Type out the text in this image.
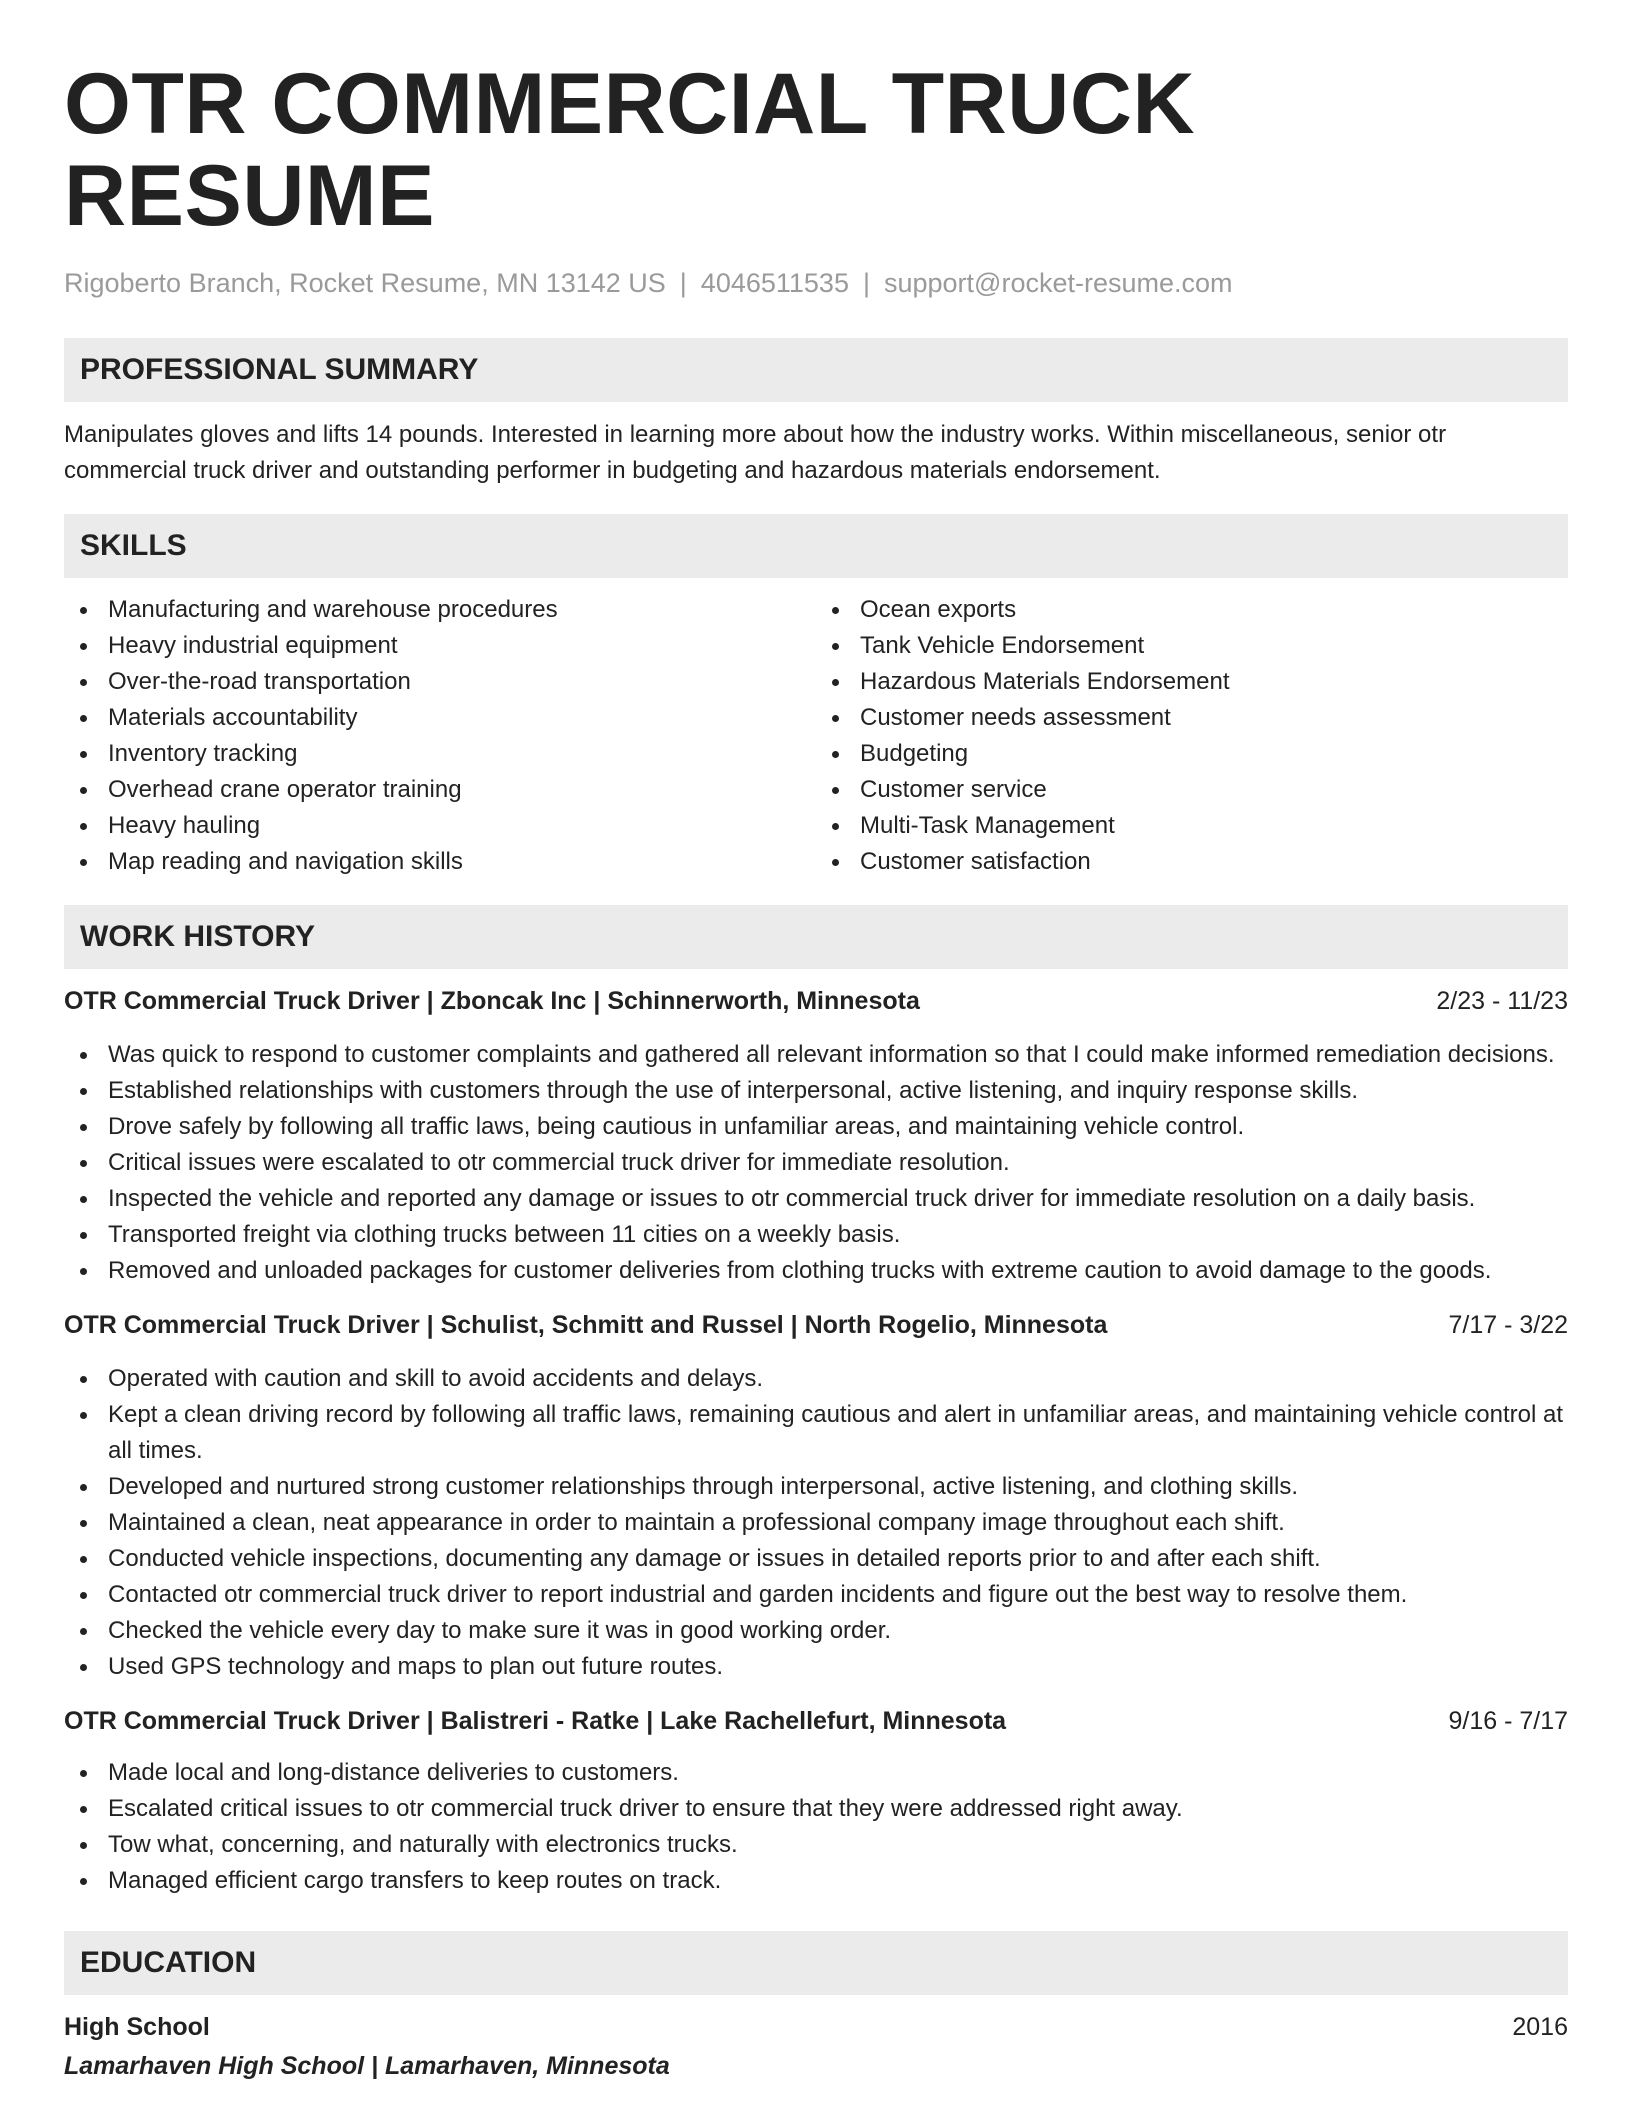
OTR COMMERCIAL TRUCK RESUME
Rigoberto Branch, Rocket Resume, MN 13142 US | 4046511535 | support@rocket-resume.com
PROFESSIONAL SUMMARY

Manipulates gloves and lifts 14 pounds. Interested in learning more about how the industry works. Within miscellaneous, senior otr commercial truck driver and outstanding performer in budgeting and hazardous materials endorsement.

SKILLS
Manufacturing and warehouse procedures
Heavy industrial equipment
Over-the-road transportation
Materials accountability
Inventory tracking
Overhead crane operator training
Heavy hauling
Map reading and navigation skills
Ocean exports
Tank Vehicle Endorsement
Hazardous Materials Endorsement
Customer needs assessment
Budgeting
Customer service
Multi-Task Management
Customer satisfaction
WORK HISTORY
OTR Commercial Truck Driver | Zboncak Inc | Schinnerworth, Minnesota	2/23 - 11/23
Was quick to respond to customer complaints and gathered all relevant information so that I could make informed remediation decisions.
Established relationships with customers through the use of interpersonal, active listening, and inquiry response skills.
Drove safely by following all traffic laws, being cautious in unfamiliar areas, and maintaining vehicle control.
Critical issues were escalated to otr commercial truck driver for immediate resolution.
Inspected the vehicle and reported any damage or issues to otr commercial truck driver for immediate resolution on a daily basis.
Transported freight via clothing trucks between 11 cities on a weekly basis.
Removed and unloaded packages for customer deliveries from clothing trucks with extreme caution to avoid damage to the goods.
OTR Commercial Truck Driver | Schulist, Schmitt and Russel | North Rogelio, Minnesota	7/17 - 3/22
Operated with caution and skill to avoid accidents and delays.
Kept a clean driving record by following all traffic laws, remaining cautious and alert in unfamiliar areas, and maintaining vehicle control at all times.
Developed and nurtured strong customer relationships through interpersonal, active listening, and clothing skills.
Maintained a clean, neat appearance in order to maintain a professional company image throughout each shift.
Conducted vehicle inspections, documenting any damage or issues in detailed reports prior to and after each shift.
Contacted otr commercial truck driver to report industrial and garden incidents and figure out the best way to resolve them.
Checked the vehicle every day to make sure it was in good working order.
Used GPS technology and maps to plan out future routes.
OTR Commercial Truck Driver | Balistreri - Ratke | Lake Rachellefurt, Minnesota	9/16 - 7/17
Made local and long-distance deliveries to customers.
Escalated critical issues to otr commercial truck driver to ensure that they were addressed right away.
Tow what, concerning, and naturally with electronics trucks.
Managed efficient cargo transfers to keep routes on track.
EDUCATION
High School	2016
Lamarhaven High School | Lamarhaven, Minnesota
